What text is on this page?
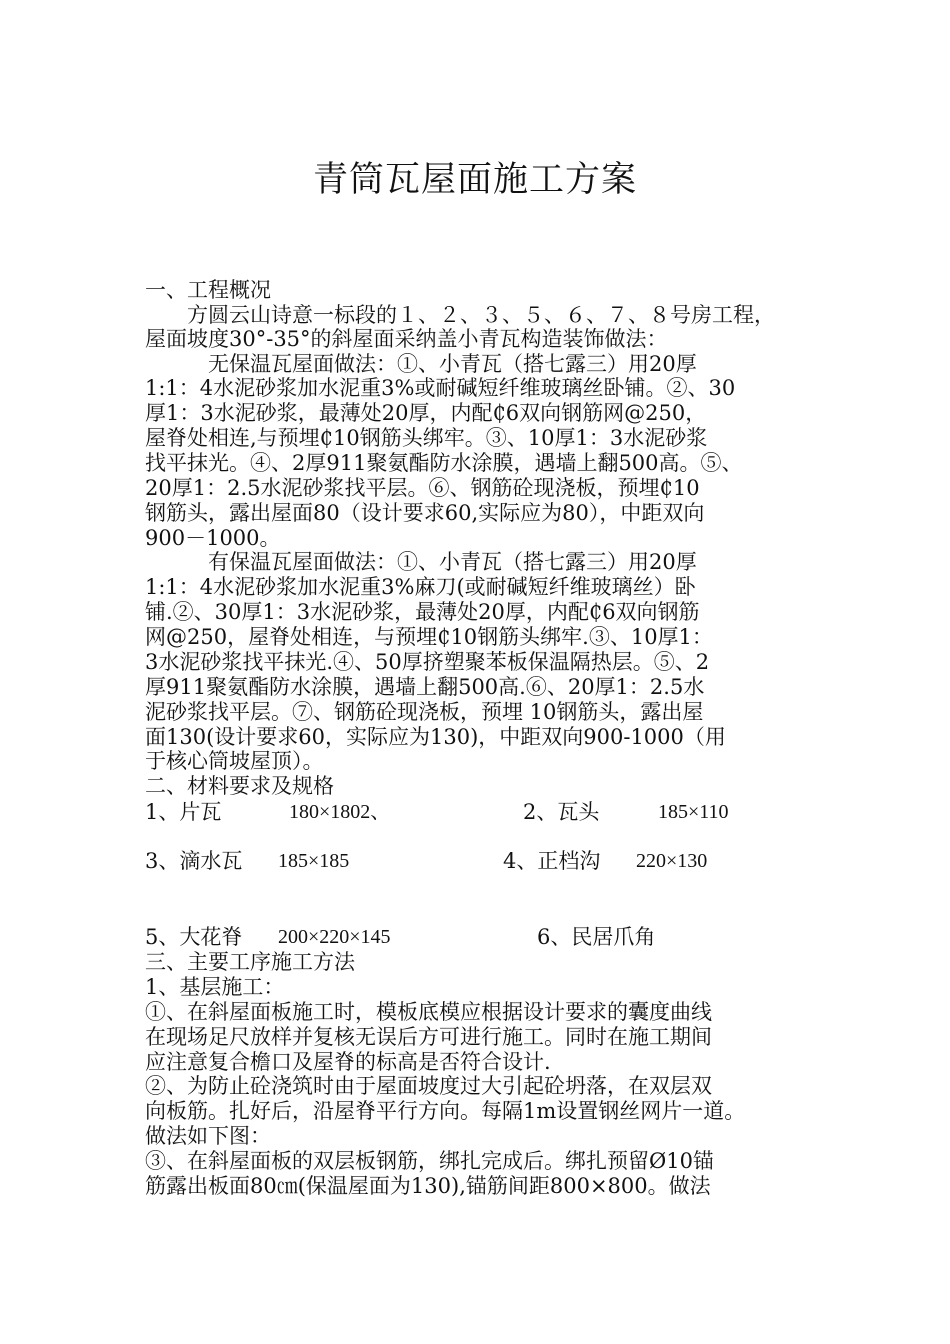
青筒瓦屋面施工方案
一、工程概况
　　方圆云山诗意一标段的１、２、３、５、６、７、８号房工程，
屋面坡度30°-35°的斜屋面采纳盖小青瓦构造装饰做法：
　　　无保温瓦屋面做法：①、小青瓦（搭七露三）用20厚
1:1：4水泥砂浆加水泥重3%或耐碱短纤维玻璃丝卧铺。②、30
厚1：3水泥砂浆，最薄处20厚，内配₵6双向钢筋网@250，
屋脊处相连,与预埋₵10钢筋头绑牢。③、10厚1：3水泥砂浆
找平抹光。④、2厚911聚氨酯防水涂膜，遇墙上翻500高。⑤、
20厚1：2.5水泥砂浆找平层。⑥、钢筋砼现浇板，预埋₵10
钢筋头，露出屋面80（设计要求60,实际应为80），中距双向
900－1000。
　　　有保温瓦屋面做法：①、小青瓦（搭七露三）用20厚
1:1：4水泥砂浆加水泥重3%麻刀(或耐碱短纤维玻璃丝）卧
铺.②、30厚1：3水泥砂浆，最薄处20厚，内配₵6双向钢筋
网@250，屋脊处相连，与预埋₵10钢筋头绑牢.③、10厚1：
3水泥砂浆找平抹光.④、50厚挤塑聚苯板保温隔热层。⑤、2
厚911聚氨酯防水涂膜，遇墙上翻500高.⑥、20厚1：2.5水
泥砂浆找平层。⑦、钢筋砼现浇板，预埋 10钢筋头，露出屋
面130(设计要求60，实际应为130)，中距双向900-1000（用
于核心筒坡屋顶）。
二、材料要求及规格
1、片瓦	180×1802、	2、瓦头	185×110
3、滴水瓦 185×185	4、正档沟 220×130
5、大花脊 200×220×145	6、民居爪角
三、主要工序施工方法
1、基层施工：
①、在斜屋面板施工时，模板底模应根据设计要求的囊度曲线
在现场足尺放样并复核无误后方可进行施工。同时在施工期间
应注意复合檐口及屋脊的标高是否符合设计.
②、为防止砼浇筑时由于屋面坡度过大引起砼坍落，在双层双
向板筋。扎好后，沿屋脊平行方向。每隔1m设置钢丝网片一道。
做法如下图：
③、在斜屋面板的双层板钢筋，绑扎完成后。绑扎预留Ø10锚
筋露出板面80㎝(保温屋面为130),锚筋间距800×800。做法
